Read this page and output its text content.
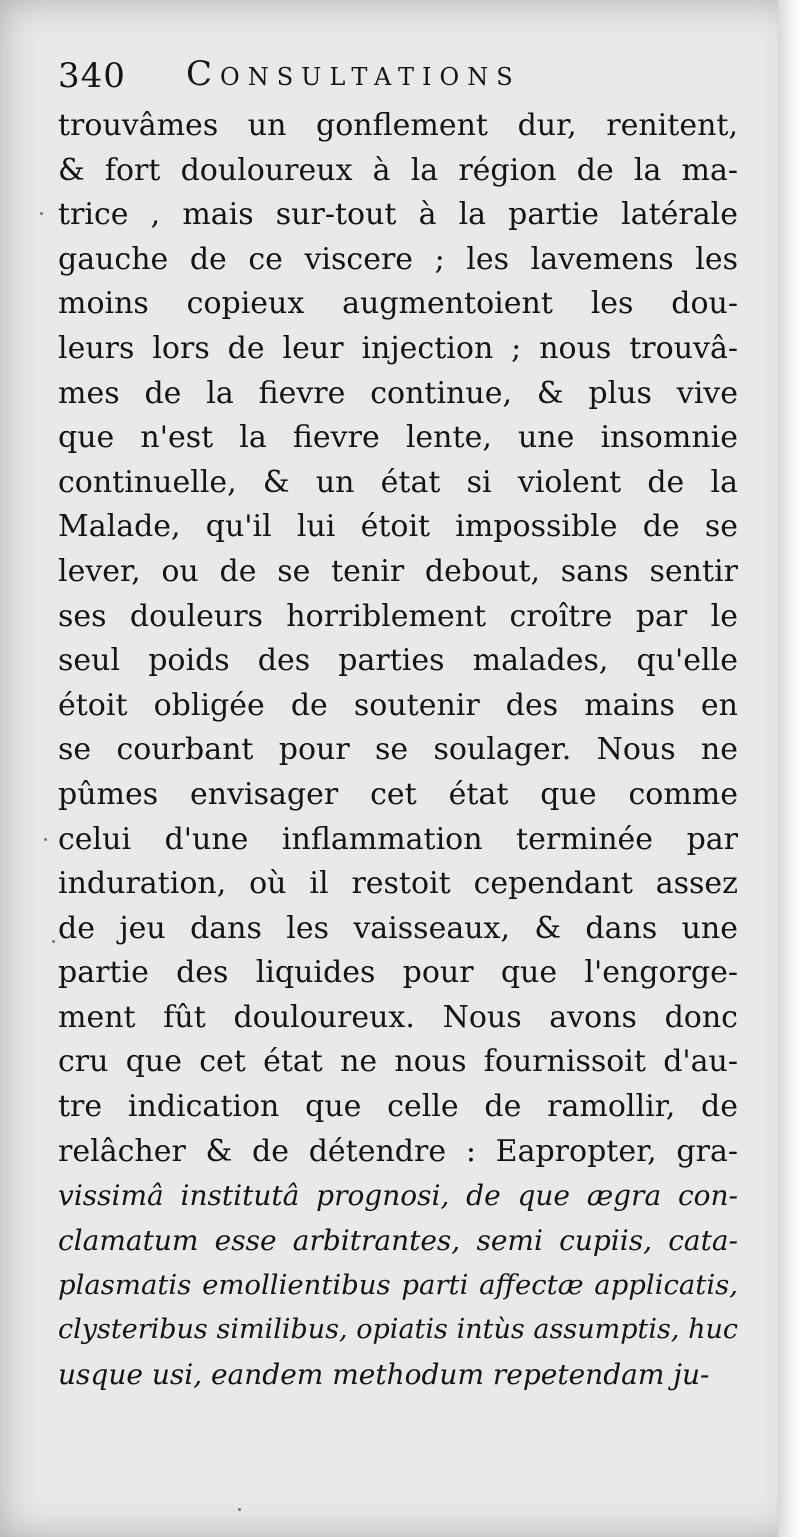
340 Consultations
trouvâmes un gonflement dur, renitent,
& fort douloureux à la région de la ma-
trice , mais sur-tout à la partie latérale
gauche de ce viscere ; les lavemens les
moins copieux augmentoient les dou-
leurs lors de leur injection ; nous trouvâ-
mes de la fievre continue, & plus vive
que n'est la fievre lente, une insomnie
continuelle, & un état si violent de la
Malade, qu'il lui étoit impossible de se
lever, ou de se tenir debout, sans sentir
ses douleurs horriblement croître par le
seul poids des parties malades, qu'elle
étoit obligée de soutenir des mains en
se courbant pour se soulager. Nous ne
pûmes envisager cet état que comme
celui d'une inflammation terminée par
induration, où il restoit cependant assez
de jeu dans les vaisseaux, & dans une
partie des liquides pour que l'engorge-
ment fût douloureux. Nous avons donc
cru que cet état ne nous fournissoit d'au-
tre indication que celle de ramollir, de
relâcher & de détendre : Eapropter, gra-
vissimâ institutâ prognosi, de que ægra con-
clamatum esse arbitrantes, semi cupiis, cata-
plasmatis emollientibus parti affectæ applicatis,
clysteribus similibus, opiatis intùs assumptis, huc
usque usi, eandem methodum repetendam ju-
